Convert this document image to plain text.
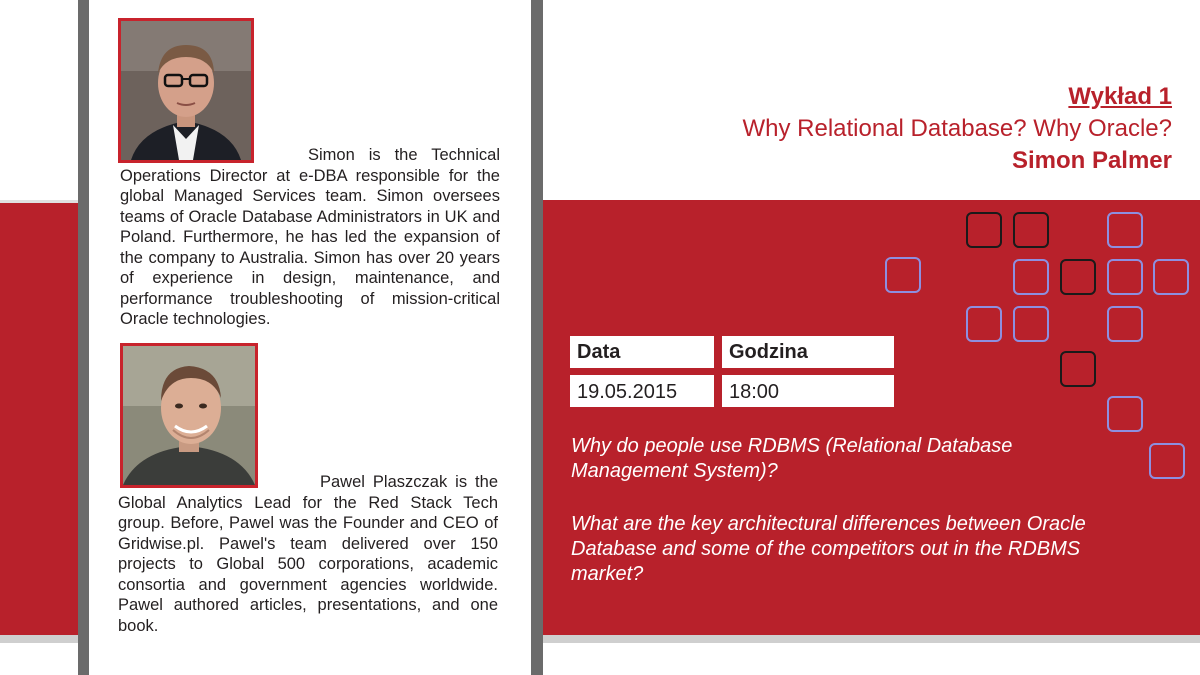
Simon is the Technical Operations Director at e-DBA responsible for the global Managed Services team. Simon oversees teams of Oracle Database Administrators in UK and Poland. Furthermore, he has led the expansion of the company to Australia. Simon has over 20 years of experience in design, maintenance, and performance troubleshooting of mission-critical Oracle technologies.
Pawel Plaszczak is the Global Analytics Lead for the Red Stack Tech group. Before, Pawel was the Founder and CEO of Gridwise.pl. Pawel's team delivered over 150 projects to Global 500 corporations, academic consortia and government agencies worldwide. Pawel authored articles, presentations, and one book.
Wykład 1
Why Relational Database? Why Oracle?
Simon Palmer
Data	Godzina
19.05.2015	18:00
Why do people use RDBMS (Relational Database Management System)?
What are the key architectural differences between Oracle Database and some of the competitors out in the RDBMS market?
